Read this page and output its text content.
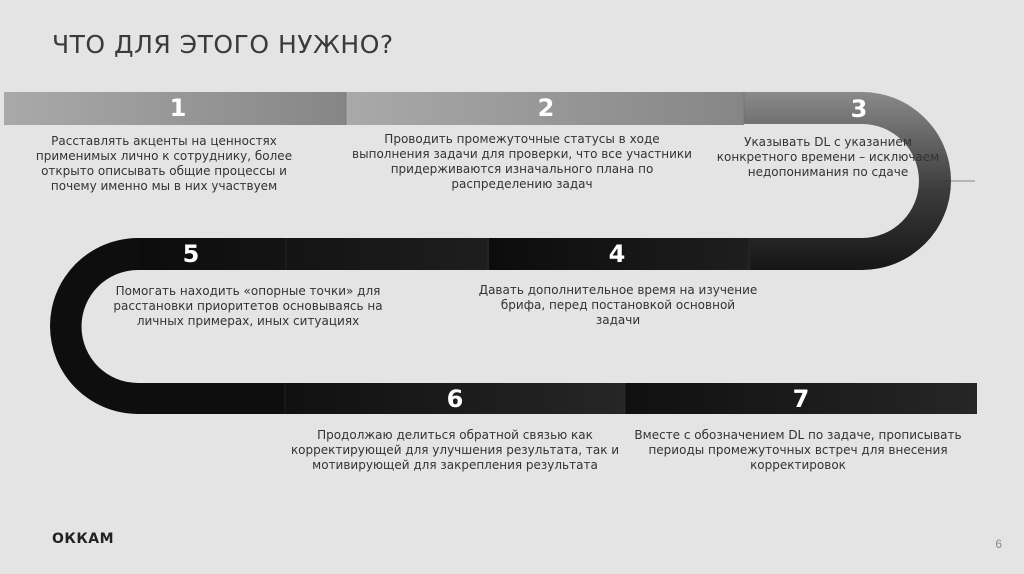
ЧТО ДЛЯ ЭТОГО НУЖНО?
1	2	3
4
5
6	7
Расставлять акценты на ценностях применимых лично к сотруднику, более открыто описывать общие процессы и почему именно мы в них участвуем
Проводить промежуточные статусы в ходе выполнения задачи для проверки, что все участники придерживаются изначального плана по распределению задач
Указывать DL с указанием конкретного времени – исключаем недопонимания по сдаче
Давать дополнительное время на изучение брифа, перед постановкой основной задачи
Помогать находить «опорные точки» для расстановки приоритетов основываясь на личных примерах, иных ситуациях
Продолжаю делиться обратной связью как корректирующей для улучшения результата, так и мотивирующей для закрепления результата
Вместе с обозначением DL по задаче, прописывать периоды промежуточных встреч для внесения корректировок
ОККАМ	6
